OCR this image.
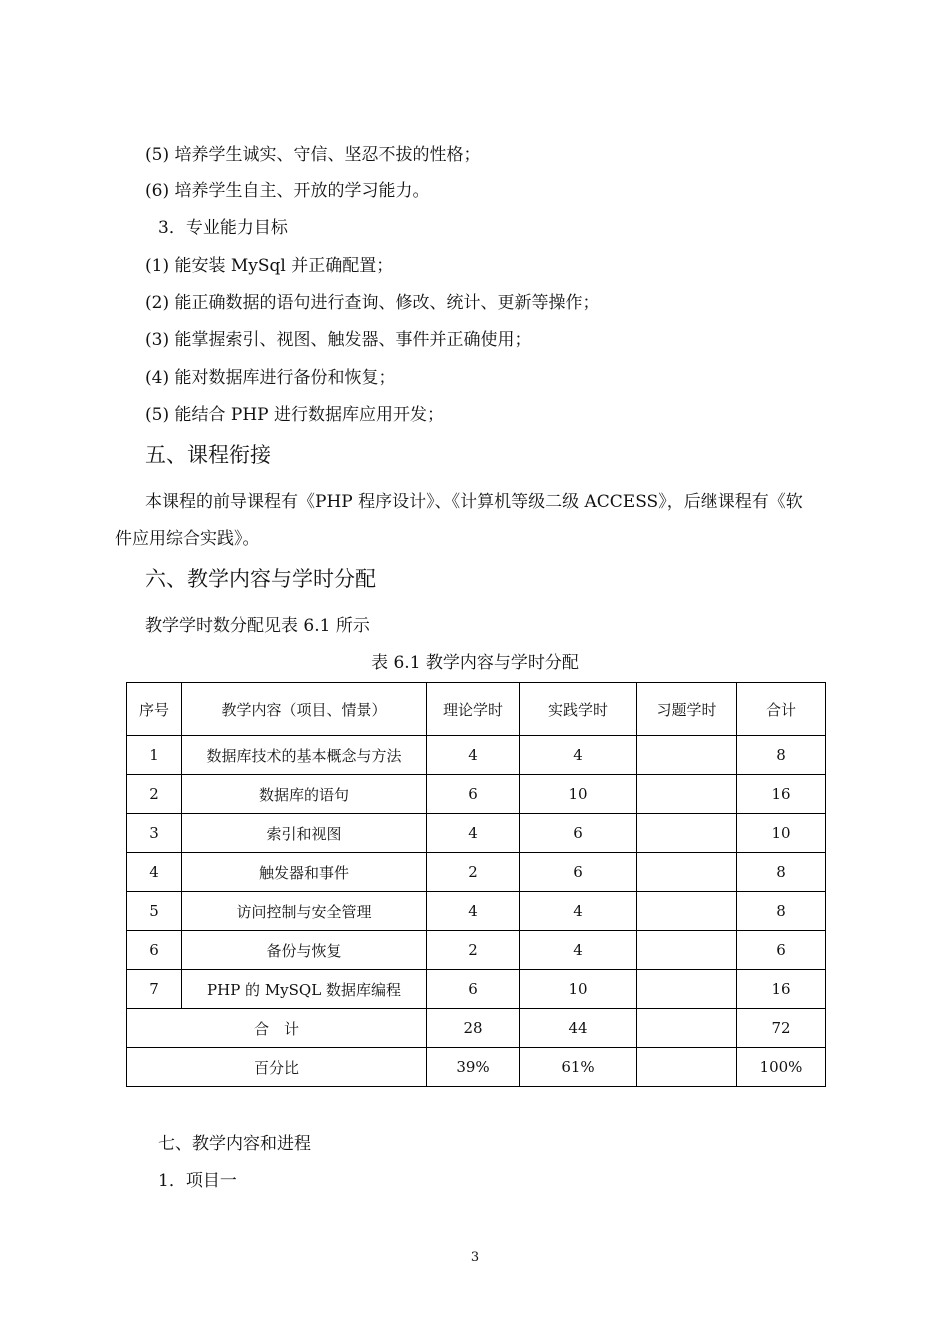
(5) 培养学生诚实、守信、坚忍不拔的性格；
(6) 培养学生自主、开放的学习能力。
3．专业能力目标
(1) 能安装 MySql 并正确配置；
(2) 能正确数据的语句进行查询、修改、统计、更新等操作；
(3) 能掌握索引、视图、触发器、事件并正确使用；
(4) 能对数据库进行备份和恢复；
(5) 能结合 PHP 进行数据库应用开发；
五、课程衔接
本课程的前导课程有《PHP 程序设计》、《计算机等级二级 ACCESS》，后继课程有《软
件应用综合实践》。
六、教学内容与学时分配
教学学时数分配见表 6.1 所示
表 6.1 教学内容与学时分配
序号	教学内容（项目、情景）	理论学时	实践学时	习题学时	合计
1	数据库技术的基本概念与方法	4	4		8
2	数据库的语句	6	10		16
3	索引和视图	4	6		10
4	触发器和事件	2	6		8
5	访问控制与安全管理	4	4		8
6	备份与恢复	2	4		6
7	PHP 的 MySQL 数据库编程	6	10		16
合　计		28	44		72
百分比		39%	61%		100%
七、教学内容和进程
1．项目一
3
